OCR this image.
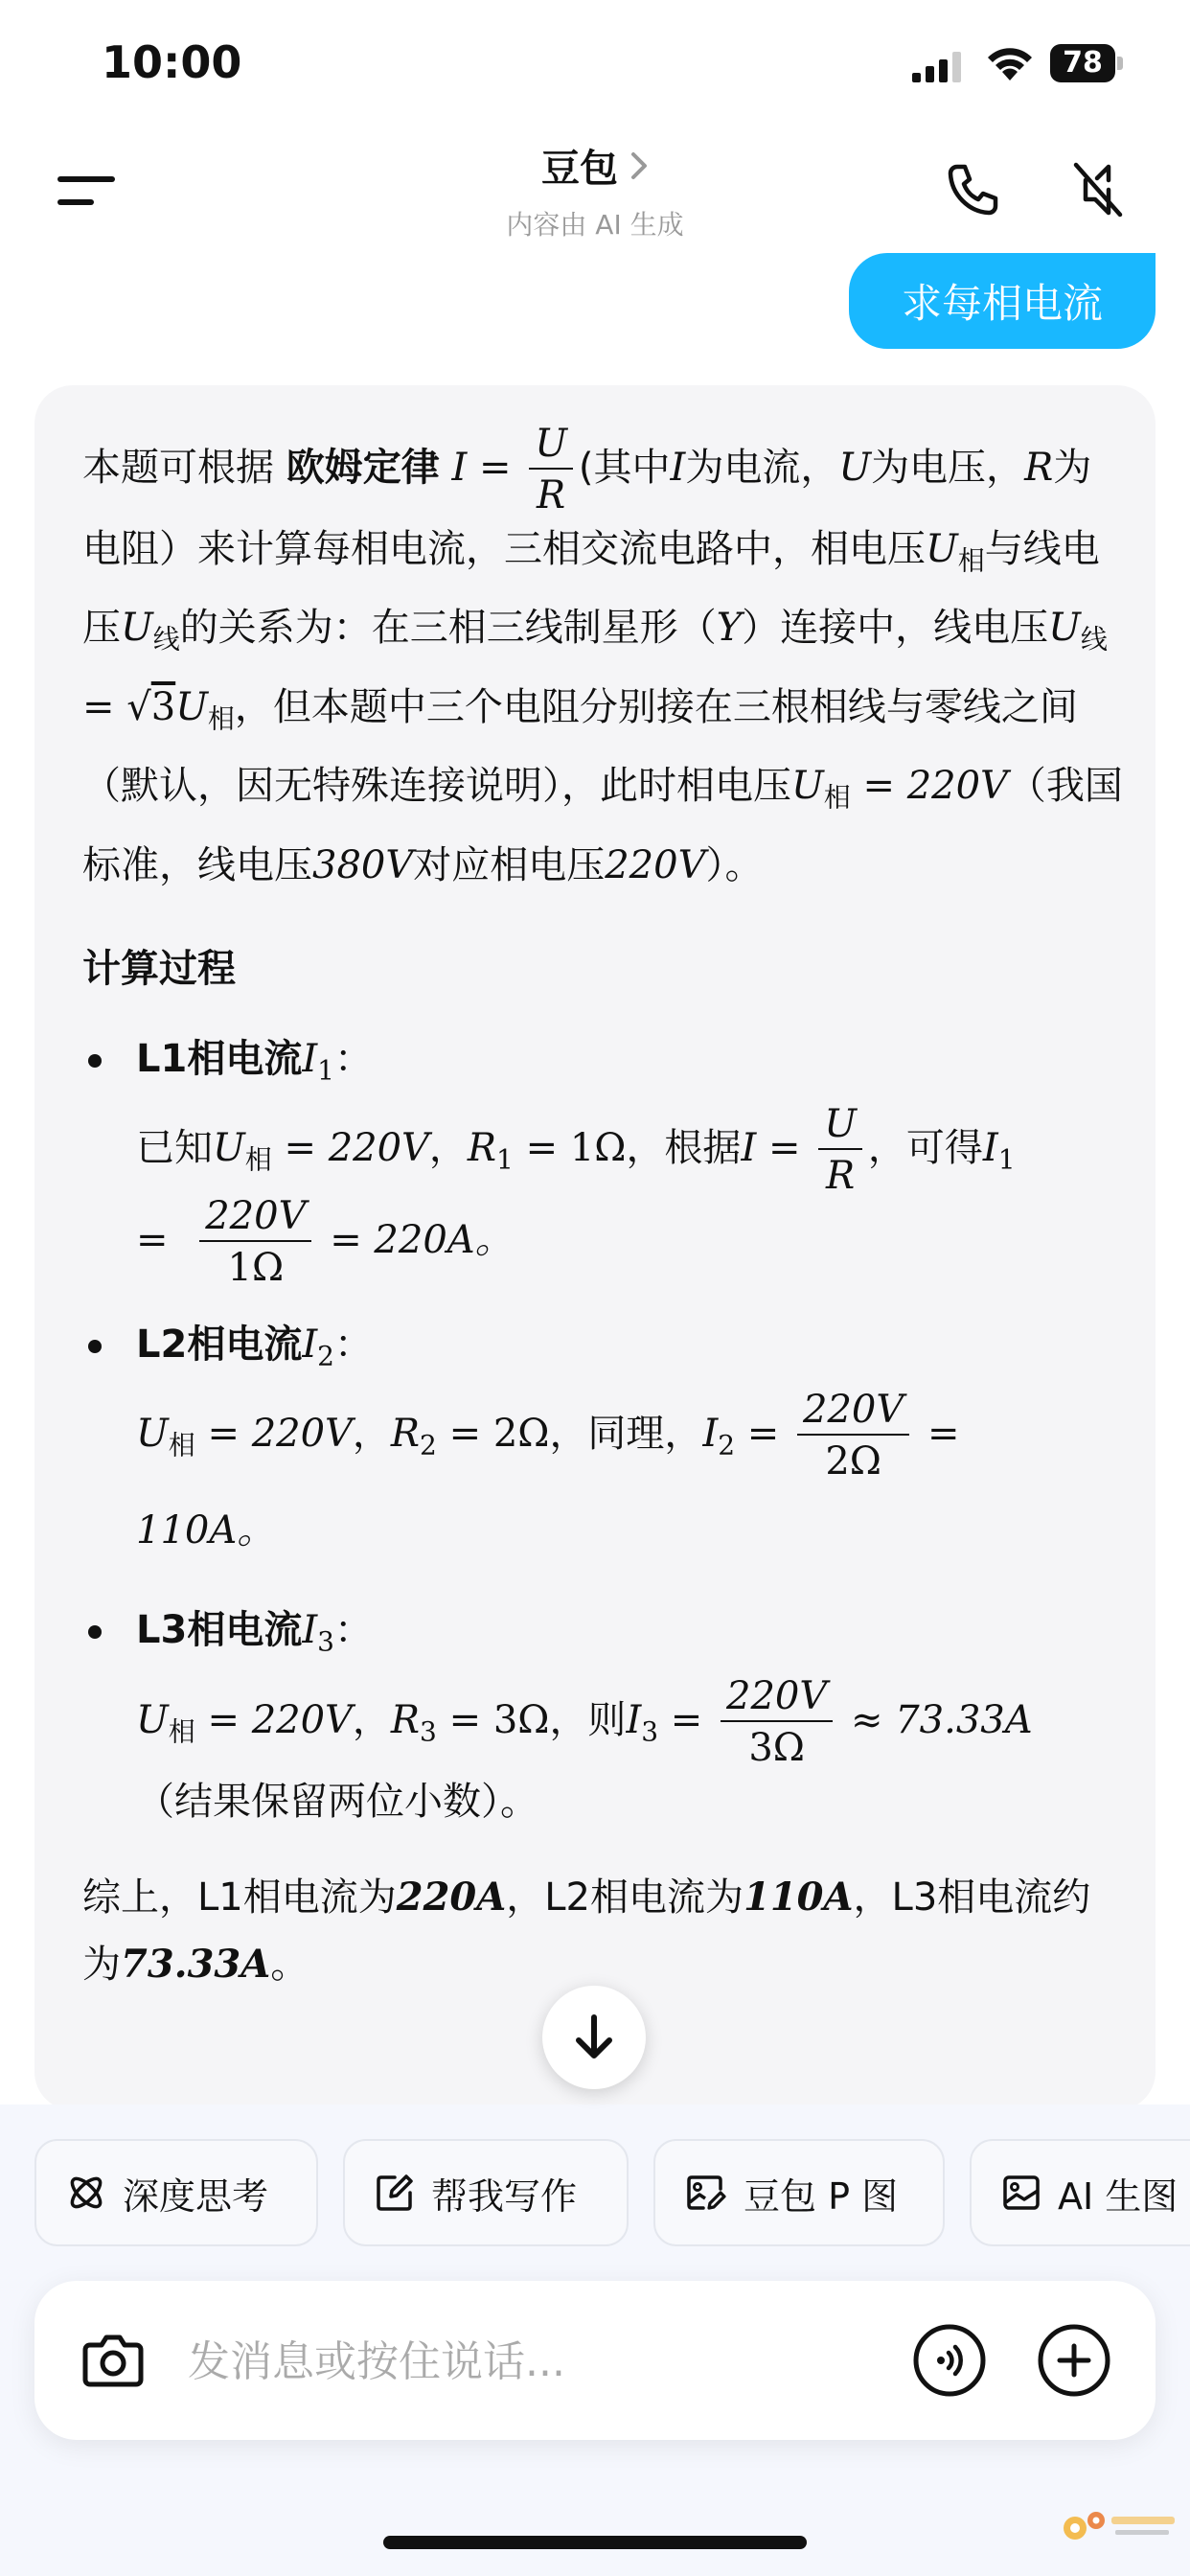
10:00	78
豆包
内容由 AI 生成
求每相电流
本题可根据 欧姆定律 $I = \frac{U}{R}$ (其中I为电流，U为电压，R为电阻）来计算每相电流，三相交流电路中，相电压$U_相$与线电压$U_线$的关系为：在三相三线制星形（Y）连接中，线电压$U_线 = √3U_相$，但本题中三个电阻分别接在三根相线与零线之间（默认，因无特殊连接说明），此时相电压$U_相 = 220V$（我国标准，线电压380V对应相电压220V）。
计算过程
L1相电流$I_1$：
已知$U_相 = 220V$，$R_1 = 1\Omega$，根据$I = \frac{U}{R}$ ，可得$I_1$
= $\frac{220V}{1\Omega} = 220A$。
L2相电流$I_2$：
$U_相 = 220V$，$R_2 = 2\Omega$，同理，$I_2 = \frac{220V}{2\Omega}$ =
110A。
L3相电流$I_3$：
$U_相 = 220V$，$R_3 = 3\Omega$，则$I_3 = \frac{220V}{3\Omega} \approx 73.33A$
（结果保留两位小数）。
综上，L1相电流为220A，L2相电流为110A，L3相电流约为73.33A。
深度思考	帮我写作	豆包 P 图	AI 生图
发消息或按住说话...
